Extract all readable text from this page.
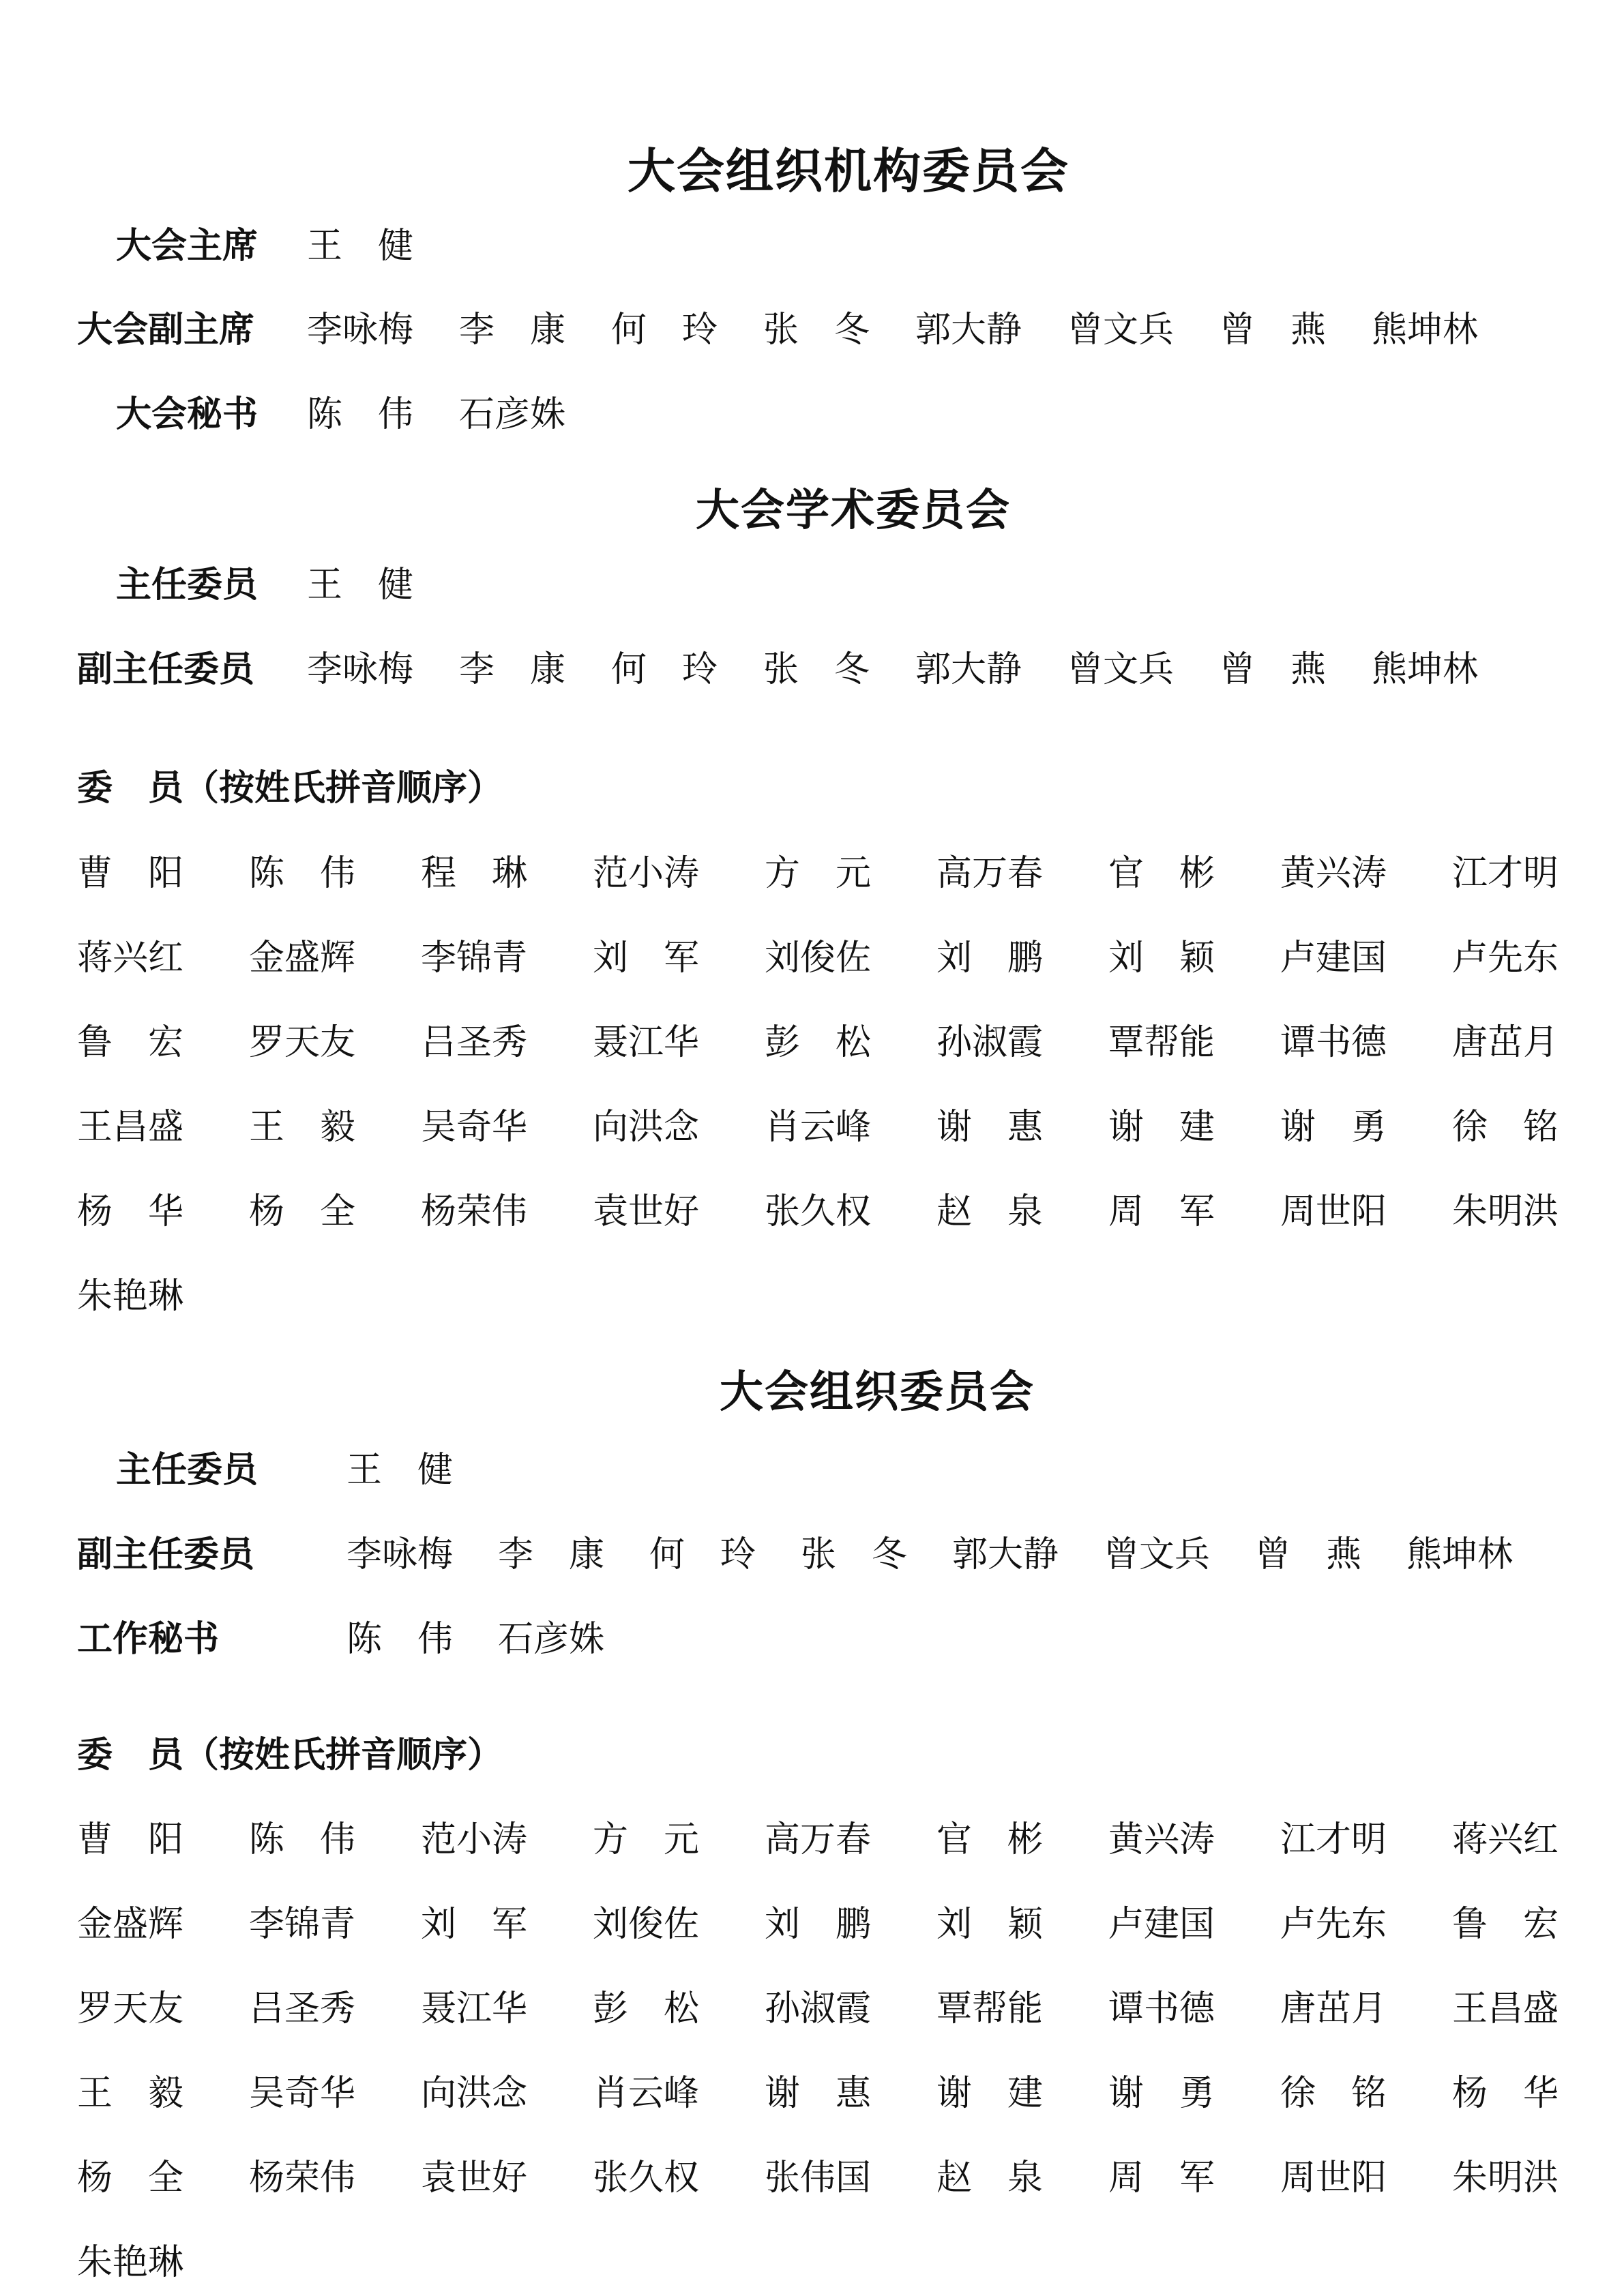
大会组织机构委员会
大会主席 王　健
大会副主席 李咏梅 李　康 何　玲 张　冬 郭大静 曾文兵 曾　燕 熊坤林
大会秘书 陈　伟 石彦姝
大会学术委员会
主任委员 王　健
副主任委员 李咏梅 李　康 何　玲 张　冬 郭大静 曾文兵 曾　燕 熊坤林
委　员（按姓氏拼音顺序）
曹　阳 陈　伟 程　琳 范小涛 方　元 高万春 官　彬 黄兴涛 江才明
蒋兴红 金盛辉 李锦青 刘　军 刘俊佐 刘　鹏 刘　颖 卢建国 卢先东
鲁　宏 罗天友 吕圣秀 聂江华 彭　松 孙淑霞 覃帮能 谭书德 唐茁月
王昌盛 王　毅 吴奇华 向洪念 肖云峰 谢　惠 谢　建 谢　勇 徐　铭
杨　华 杨　全 杨荣伟 袁世好 张久权 赵　泉 周　军 周世阳 朱明洪
朱艳琳
大会组织委员会
主任委员 王　健
副主任委员	李咏梅 李　康 何　玲 张　冬 郭大静 曾文兵 曾　燕 熊坤林
工作秘书	陈　伟 石彦姝
委　员（按姓氏拼音顺序）
曹　阳 陈　伟 范小涛 方　元 高万春 官　彬 黄兴涛 江才明 蒋兴红
金盛辉 李锦青 刘　军 刘俊佐 刘　鹏 刘　颖 卢建国 卢先东 鲁　宏
罗天友 吕圣秀 聂江华 彭　松 孙淑霞 覃帮能 谭书德 唐茁月 王昌盛
王　毅 吴奇华 向洪念 肖云峰 谢　惠 谢　建 谢　勇 徐　铭 杨　华
杨　全 杨荣伟 袁世好 张久权 张伟国 赵　泉 周　军 周世阳 朱明洪
朱艳琳
